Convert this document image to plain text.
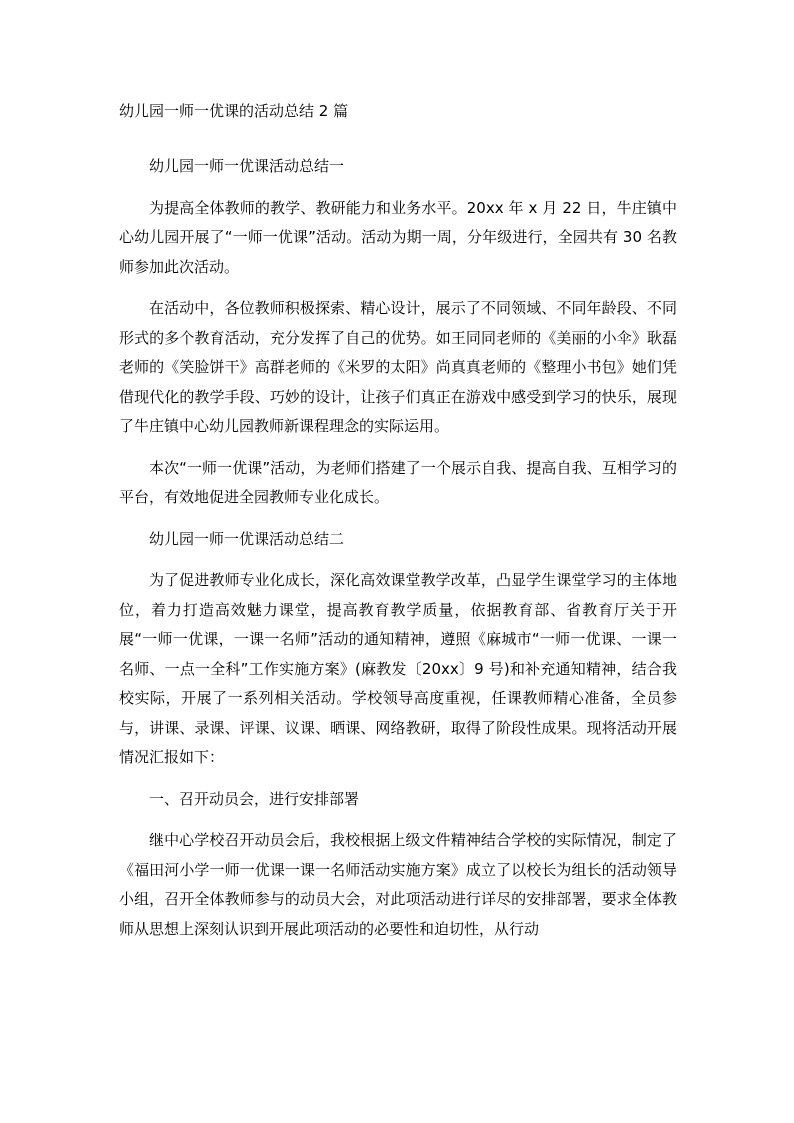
幼儿园一师一优课的活动总结 2 篇

幼儿园一师一优课活动总结一

为提高全体教师的教学、教研能力和业务水平。20xx 年 x 月 22 日，牛庄镇中心幼儿园开展了“一师一优课”活动。活动为期一周，分年级进行，全园共有 30 名教师参加此次活动。

在活动中，各位教师积极探索、精心设计，展示了不同领域、不同年龄段、不同形式的多个教育活动，充分发挥了自己的优势。如王同同老师的《美丽的小伞》耿磊老师的《笑脸饼干》高群老师的《米罗的太阳》尚真真老师的《整理小书包》她们凭借现代化的教学手段、巧妙的设计，让孩子们真正在游戏中感受到学习的快乐，展现了牛庄镇中心幼儿园教师新课程理念的实际运用。

本次“一师一优课”活动，为老师们搭建了一个展示自我、提高自我、互相学习的平台，有效地促进全园教师专业化成长。

幼儿园一师一优课活动总结二

为了促进教师专业化成长，深化高效课堂教学改革，凸显学生课堂学习的主体地位，着力打造高效魅力课堂，提高教育教学质量，依据教育部、省教育厅关于开展“一师一优课，一课一名师”活动的通知精神，遵照《麻城市“一师一优课、一课一名师、一点一全科”工作实施方案》(麻教发〔20xx〕9 号)和补充通知精神，结合我校实际，开展了一系列相关活动。学校领导高度重视，任课教师精心准备，全员参与，讲课、录课、评课、议课、晒课、网络教研，取得了阶段性成果。现将活动开展情况汇报如下：

一、召开动员会，进行安排部署

继中心学校召开动员会后，我校根据上级文件精神结合学校的实际情况，制定了《福田河小学一师一优课一课一名师活动实施方案》成立了以校长为组长的活动领导小组，召开全体教师参与的动员大会，对此项活动进行详尽的安排部署，要求全体教师从思想上深刻认识到开展此项活动的必要性和迫切性，从行动
